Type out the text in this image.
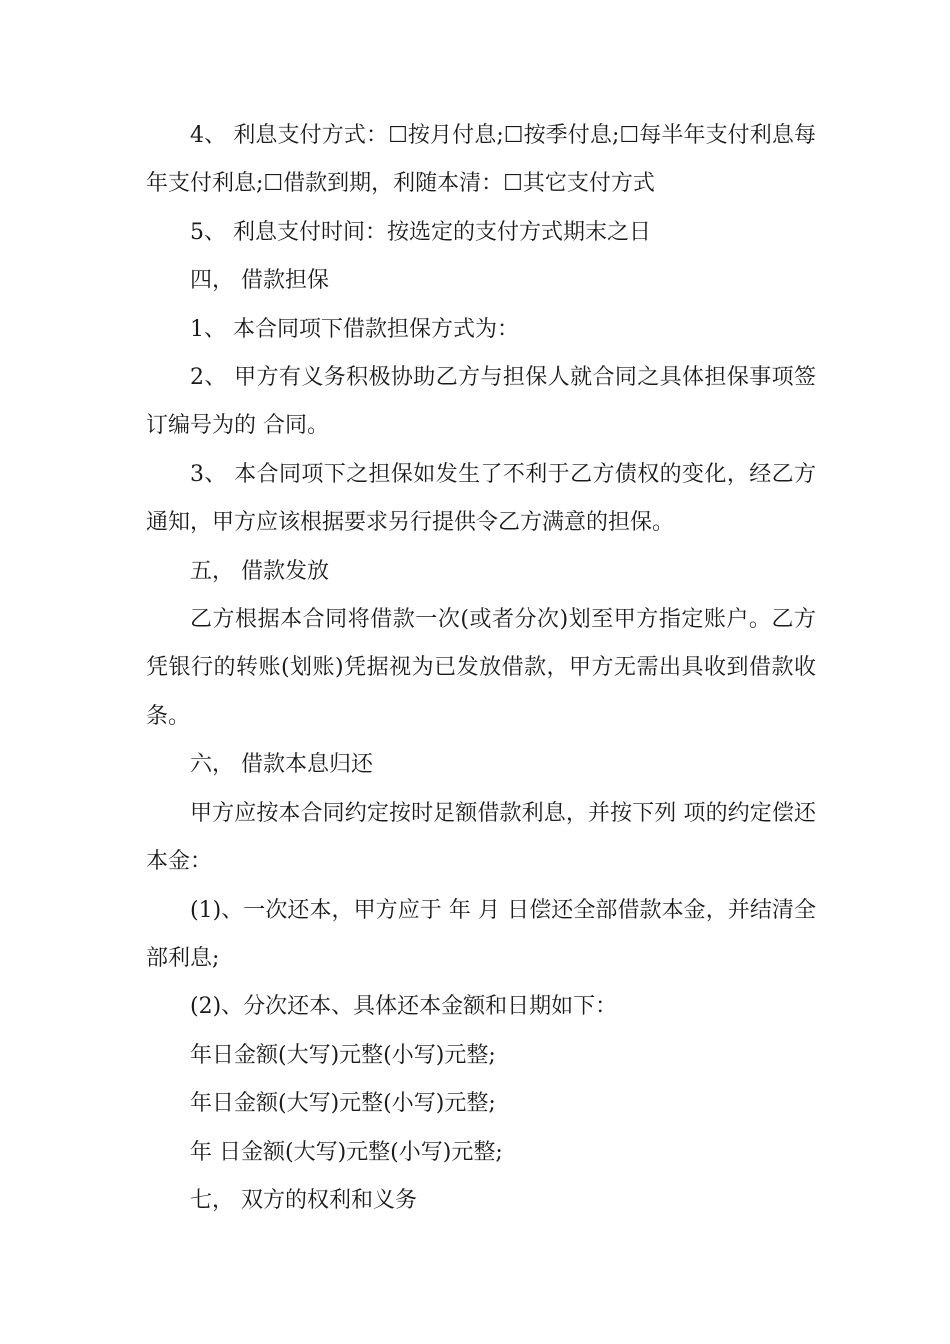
4、 利息支付方式：☐按月付息;☐按季付息;☐每半年支付利息每年支付利息;☐借款到期，利随本清：☐其它支付方式

5、 利息支付时间：按选定的支付方式期末之日

四， 借款担保

1、 本合同项下借款担保方式为：

2、 甲方有义务积极协助乙方与担保人就合同之具体担保事项签订编号为的 合同。

3、 本合同项下之担保如发生了不利于乙方债权的变化，经乙方通知，甲方应该根据要求另行提供令乙方满意的担保。

五， 借款发放

乙方根据本合同将借款一次(或者分次)划至甲方指定账户。乙方凭银行的转账(划账)凭据视为已发放借款，甲方无需出具收到借款收条。

六， 借款本息归还

甲方应按本合同约定按时足额借款利息，并按下列 项的约定偿还本金：

(1)、一次还本，甲方应于 年 月 日偿还全部借款本金，并结清全部利息;

(2)、分次还本、具体还本金额和日期如下：

年日金额(大写)元整(小写)元整;

年日金额(大写)元整(小写)元整;

年 日金额(大写)元整(小写)元整;

七， 双方的权利和义务
